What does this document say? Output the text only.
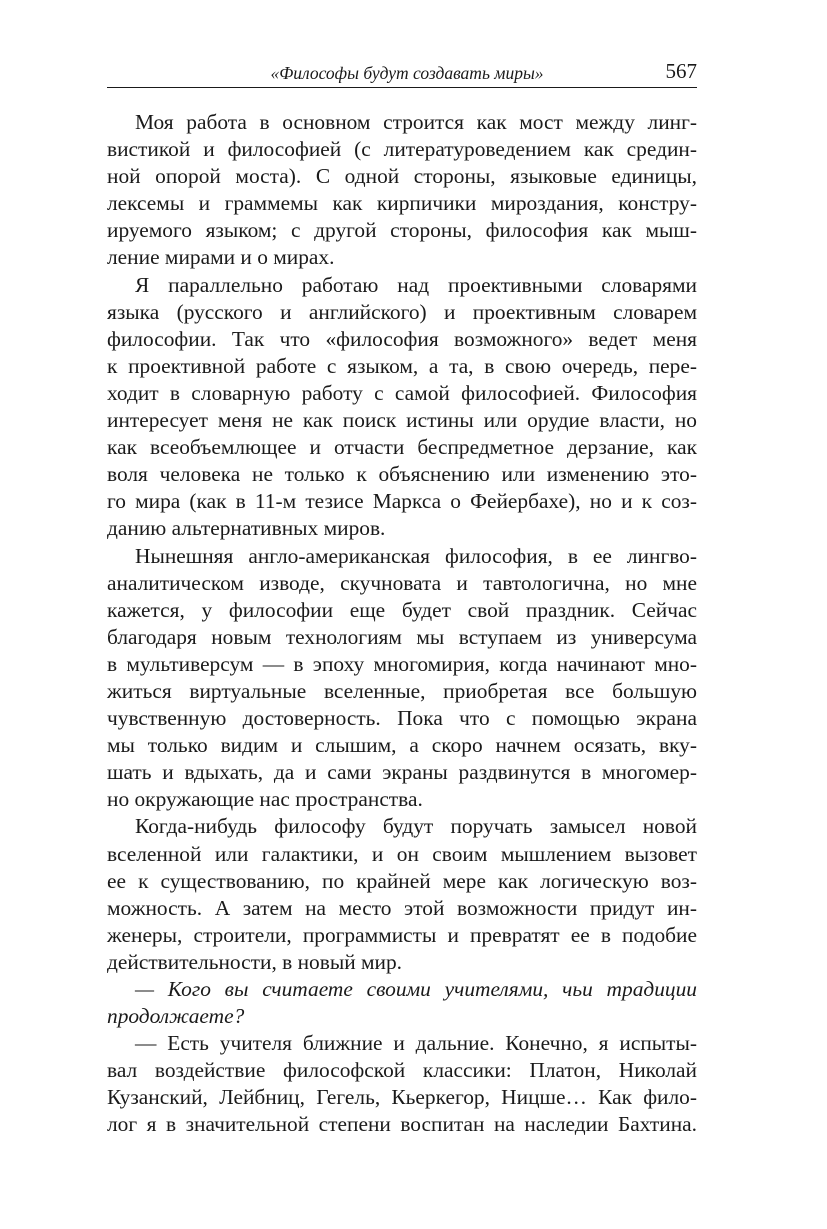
«Философы будут создавать миры»	567
Моя работа в основном строится как мост между линг-
вистикой и философией (с литературоведением как средин-
ной опорой моста). С одной стороны, языковые единицы,
лексемы и граммемы как кирпичики мироздания, констру-
ируемого языком; с другой стороны, философия как мыш-
ление мирами и о мирах.
Я параллельно работаю над проективными словарями
языка (русского и английского) и проективным словарем
философии. Так что «философия возможного» ведет меня
к проективной работе с языком, а та, в свою очередь, пере-
ходит в словарную работу с самой философией. Философия
интересует меня не как поиск истины или орудие власти, но
как всеобъемлющее и отчасти беспредметное дерзание, как
воля человека не только к объяснению или изменению это-
го мира (как в 11-м тезисе Маркса о Фейербахе), но и к соз-
данию альтернативных миров.
Нынешняя англо-американская философия, в ее лингво-
аналитическом изводе, скучновата и тавтологична, но мне
кажется, у философии еще будет свой праздник. Сейчас
благодаря новым технологиям мы вступаем из универсума
в мультиверсум — в эпоху многомирия, когда начинают мно-
житься виртуальные вселенные, приобретая все большую
чувственную достоверность. Пока что с помощью экрана
мы только видим и слышим, а скоро начнем осязать, вку-
шать и вдыхать, да и сами экраны раздвинутся в многомер-
но окружающие нас пространства.
Когда-нибудь философу будут поручать замысел новой
вселенной или галактики, и он своим мышлением вызовет
ее к существованию, по крайней мере как логическую воз-
можность. А затем на место этой возможности придут ин-
женеры, строители, программисты и превратят ее в подобие
действительности, в новый мир.
— Кого вы считаете своими учителями, чьи традиции
продолжаете?
— Есть учителя ближние и дальние. Конечно, я испыты-
вал воздействие философской классики: Платон, Николай
Кузанский, Лейбниц, Гегель, Кьеркегор, Ницше… Как фило-
лог я в значительной степени воспитан на наследии Бахтина.
